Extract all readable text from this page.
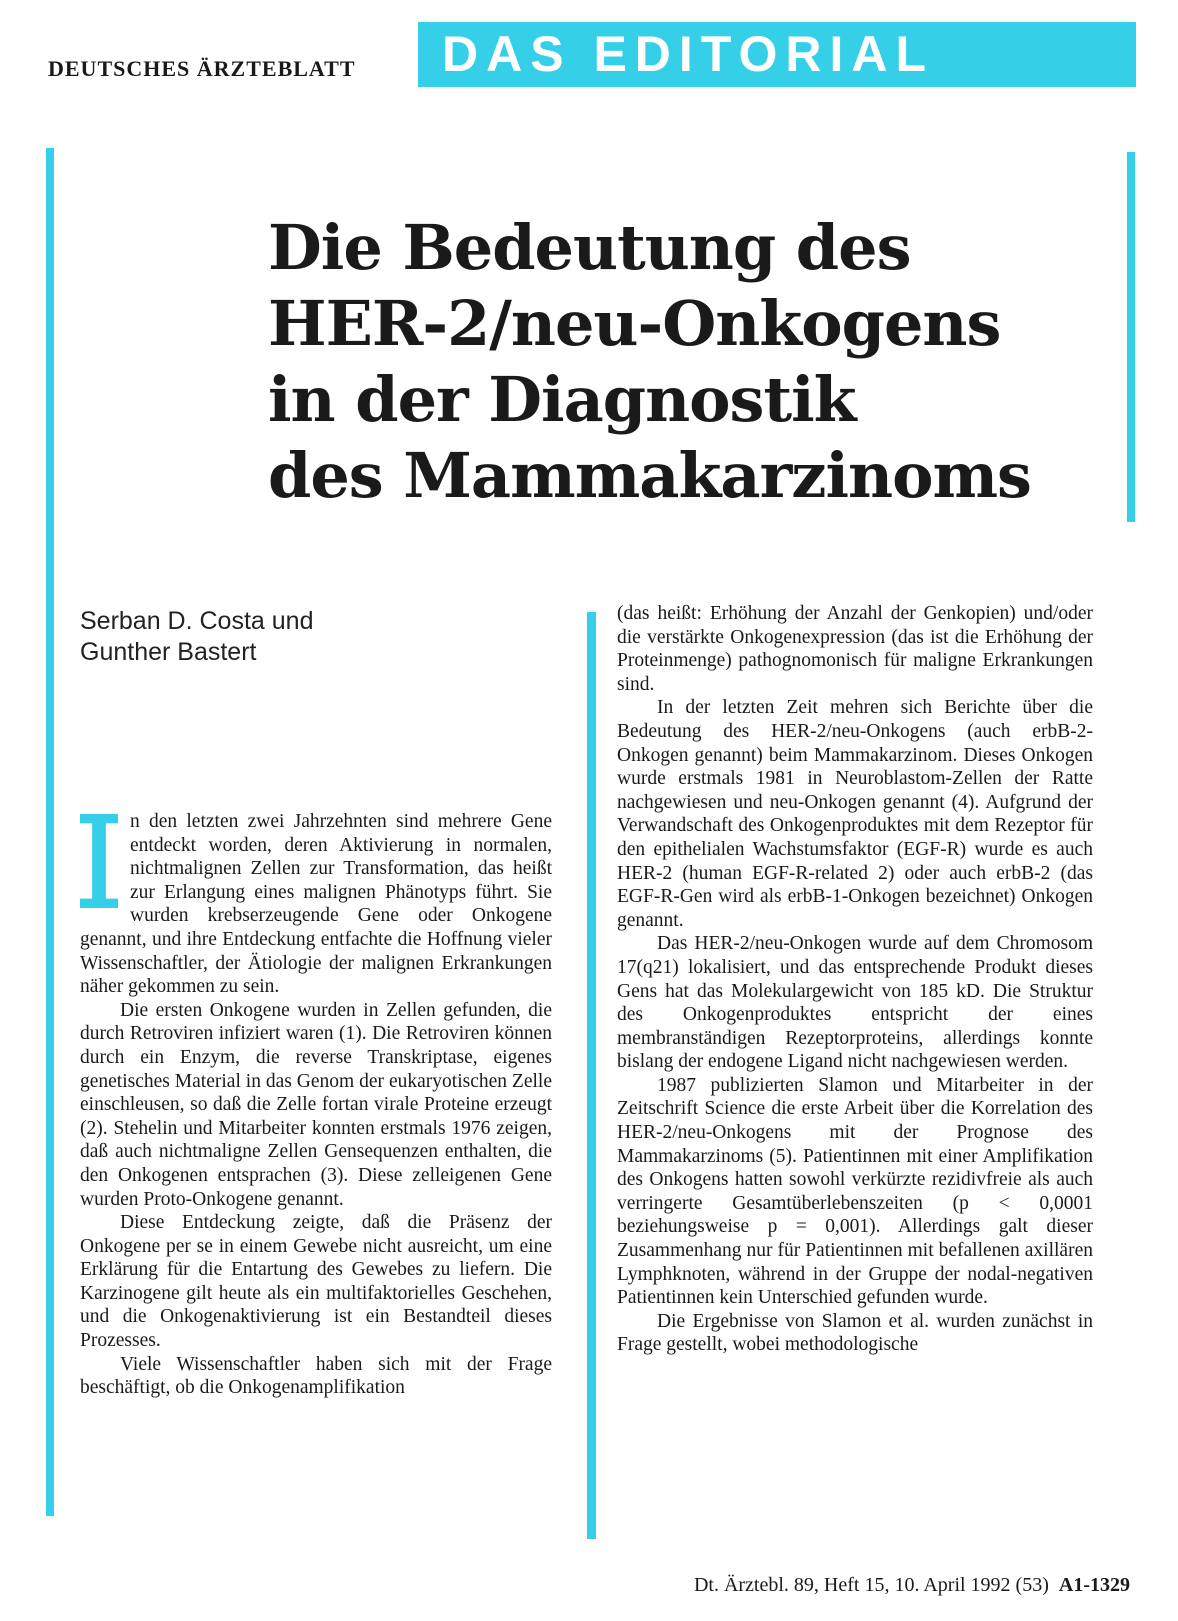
DEUTSCHES ÄRZTEBLATT	DAS EDITORIAL
Die Bedeutung des
HER-2/neu-Onkogens
in der Diagnostik
des Mammakarzinoms
Serban D. Costa und
Gunther Bastert

n den letzten zwei Jahrzehnten sind mehrere Gene entdeckt worden, deren Aktivierung in normalen, nichtmalignen Zellen zur Transformation, das heißt zur Erlangung eines malignen Phänotyps führt. Sie wurden krebserzeugende Gene oder Onkogene genannt, und ihre Entdeckung entfachte die Hoffnung vieler Wissenschaftler, der Ätiologie der malignen Erkrankungen näher gekommen zu sein.

Die ersten Onkogene wurden in Zellen gefunden, die durch Retroviren infiziert waren (1). Die Retroviren können durch ein Enzym, die reverse Transkriptase, eigenes genetisches Material in das Genom der eukaryotischen Zelle einschleusen, so daß die Zelle fortan virale Proteine erzeugt (2). Stehelin und Mitarbeiter konnten erstmals 1976 zeigen, daß auch nichtmaligne Zellen Gensequenzen enthalten, die den Onkogenen entsprachen (3). Diese zelleigenen Gene wurden Proto-Onkogene genannt.

Diese Entdeckung zeigte, daß die Präsenz der Onkogene per se in einem Gewebe nicht ausreicht, um eine Erklärung für die Entartung des Gewebes zu liefern. Die Karzinogene gilt heute als ein multifaktorielles Geschehen, und die Onkogenaktivierung ist ein Bestandteil dieses Prozesses.

Viele Wissenschaftler haben sich mit der Frage beschäftigt, ob die Onkogenamplifikation

(das heißt: Erhöhung der Anzahl der Genkopien) und/oder die verstärkte Onkogenexpression (das ist die Erhöhung der Proteinmenge) pathognomonisch für maligne Erkrankungen sind.

In der letzten Zeit mehren sich Berichte über die Bedeutung des HER-2/neu-Onkogens (auch erbB-2-Onkogen genannt) beim Mammakarzinom. Dieses Onkogen wurde erstmals 1981 in Neuroblastom-Zellen der Ratte nachgewiesen und neu-Onkogen genannt (4). Aufgrund der Verwandschaft des Onkogenproduktes mit dem Rezeptor für den epithelialen Wachstumsfaktor (EGF-R) wurde es auch HER-2 (human EGF-R-related 2) oder auch erbB-2 (das EGF-R-Gen wird als erbB-1-Onkogen bezeichnet) Onkogen genannt.

Das HER-2/neu-Onkogen wurde auf dem Chromosom 17(q21) lokalisiert, und das entsprechende Produkt dieses Gens hat das Molekulargewicht von 185 kD. Die Struktur des Onkogenproduktes entspricht der eines membranständigen Rezeptorproteins, allerdings konnte bislang der endogene Ligand nicht nachgewiesen werden.

1987 publizierten Slamon und Mitarbeiter in der Zeitschrift Science die erste Arbeit über die Korrelation des HER-2/neu-Onkogens mit der Prognose des Mammakarzinoms (5). Patientinnen mit einer Amplifikation des Onkogens hatten sowohl verkürzte rezidivfreie als auch verringerte Gesamtüberlebenszeiten (p < 0,0001 beziehungsweise p = 0,001). Allerdings galt dieser Zusammenhang nur für Patientinnen mit befallenen axillären Lymphknoten, während in der Gruppe der nodal-negativen Patientinnen kein Unterschied gefunden wurde.

Die Ergebnisse von Slamon et al. wurden zunächst in Frage gestellt, wobei methodologische

Dt. Ärztebl. 89, Heft 15, 10. April 1992 (53) A1-1329
